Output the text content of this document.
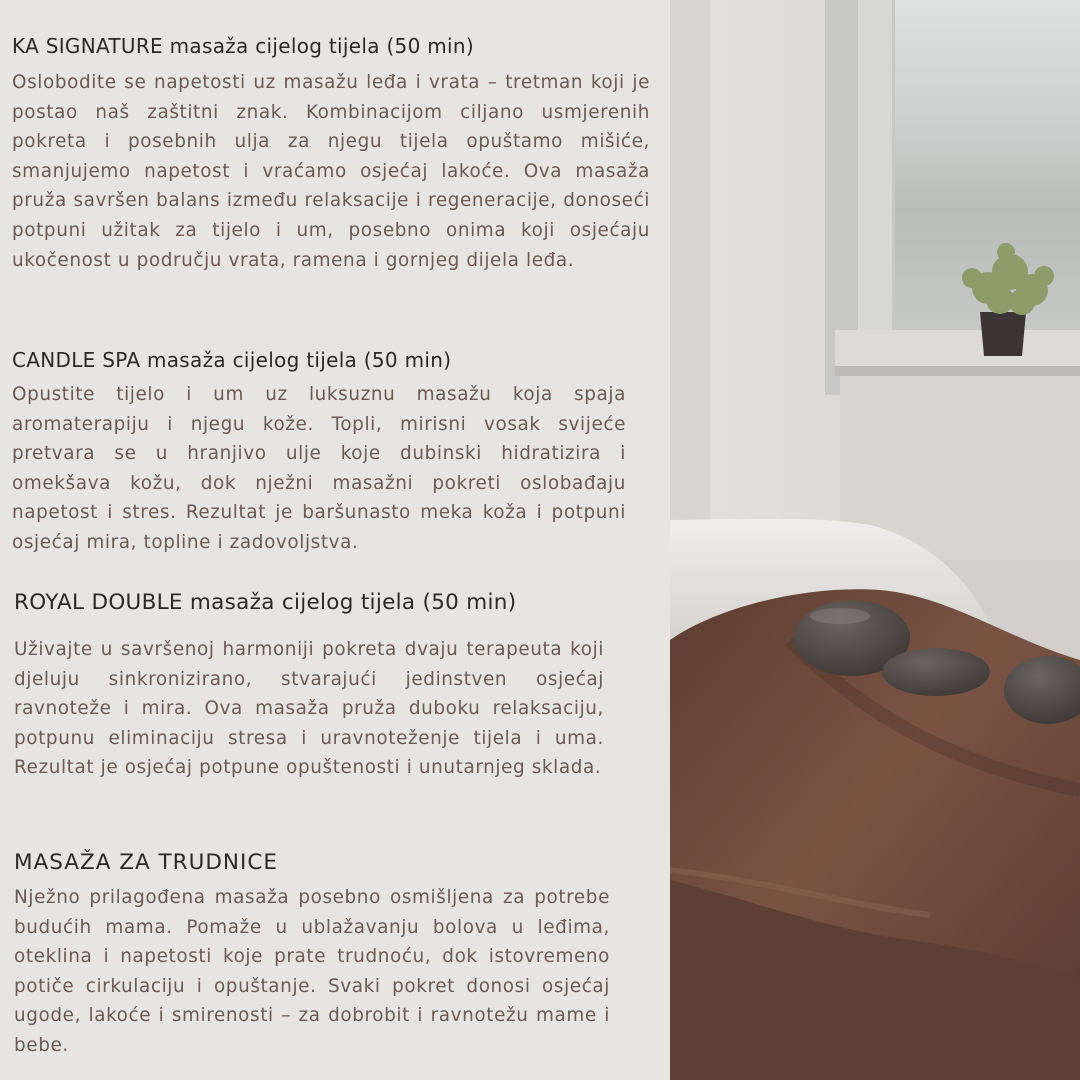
KA SIGNATURE masaža cijelog tijela (50 min)

Oslobodite se napetosti uz masažu leđa i vrata – tretman koji je postao naš zaštitni znak. Kombinacijom ciljano usmjerenih pokreta i posebnih ulja za njegu tijela opuštamo mišiće, smanjujemo napetost i vraćamo osjećaj lakoće. Ova masaža pruža savršen balans između relaksacije i regeneracije, donoseći potpuni užitak za tijelo i um, posebno onima koji osjećaju ukočenost u području vrata, ramena i gornjeg dijela leđa.

CANDLE SPA masaža cijelog tijela (50 min)

Opustite tijelo i um uz luksuznu masažu koja spaja aromaterapiju i njegu kože. Topli, mirisni vosak svijeće pretvara se u hranjivo ulje koje dubinski hidratizira i omekšava kožu, dok nježni masažni pokreti oslobađaju napetost i stres. Rezultat je baršunasto meka koža i potpuni osjećaj mira, topline i zadovoljstva.

ROYAL DOUBLE masaža cijelog tijela (50 min)

Uživajte u savršenoj harmoniji pokreta dvaju terapeuta koji djeluju sinkronizirano, stvarajući jedinstven osjećaj ravnoteže i mira. Ova masaža pruža duboku relaksaciju, potpunu eliminaciju stresa i uravnoteženje tijela i uma. Rezultat je osjećaj potpune opuštenosti i unutarnjeg sklada.

MASAŽA ZA TRUDNICE

Nježno prilagođena masaža posebno osmišljena za potrebe budućih mama. Pomaže u ublažavanju bolova u leđima, oteklina i napetosti koje prate trudnoću, dok istovremeno potiče cirkulaciju i opuštanje. Svaki pokret donosi osjećaj ugode, lakoće i smirenosti – za dobrobit i ravnotežu mame i bebe.
